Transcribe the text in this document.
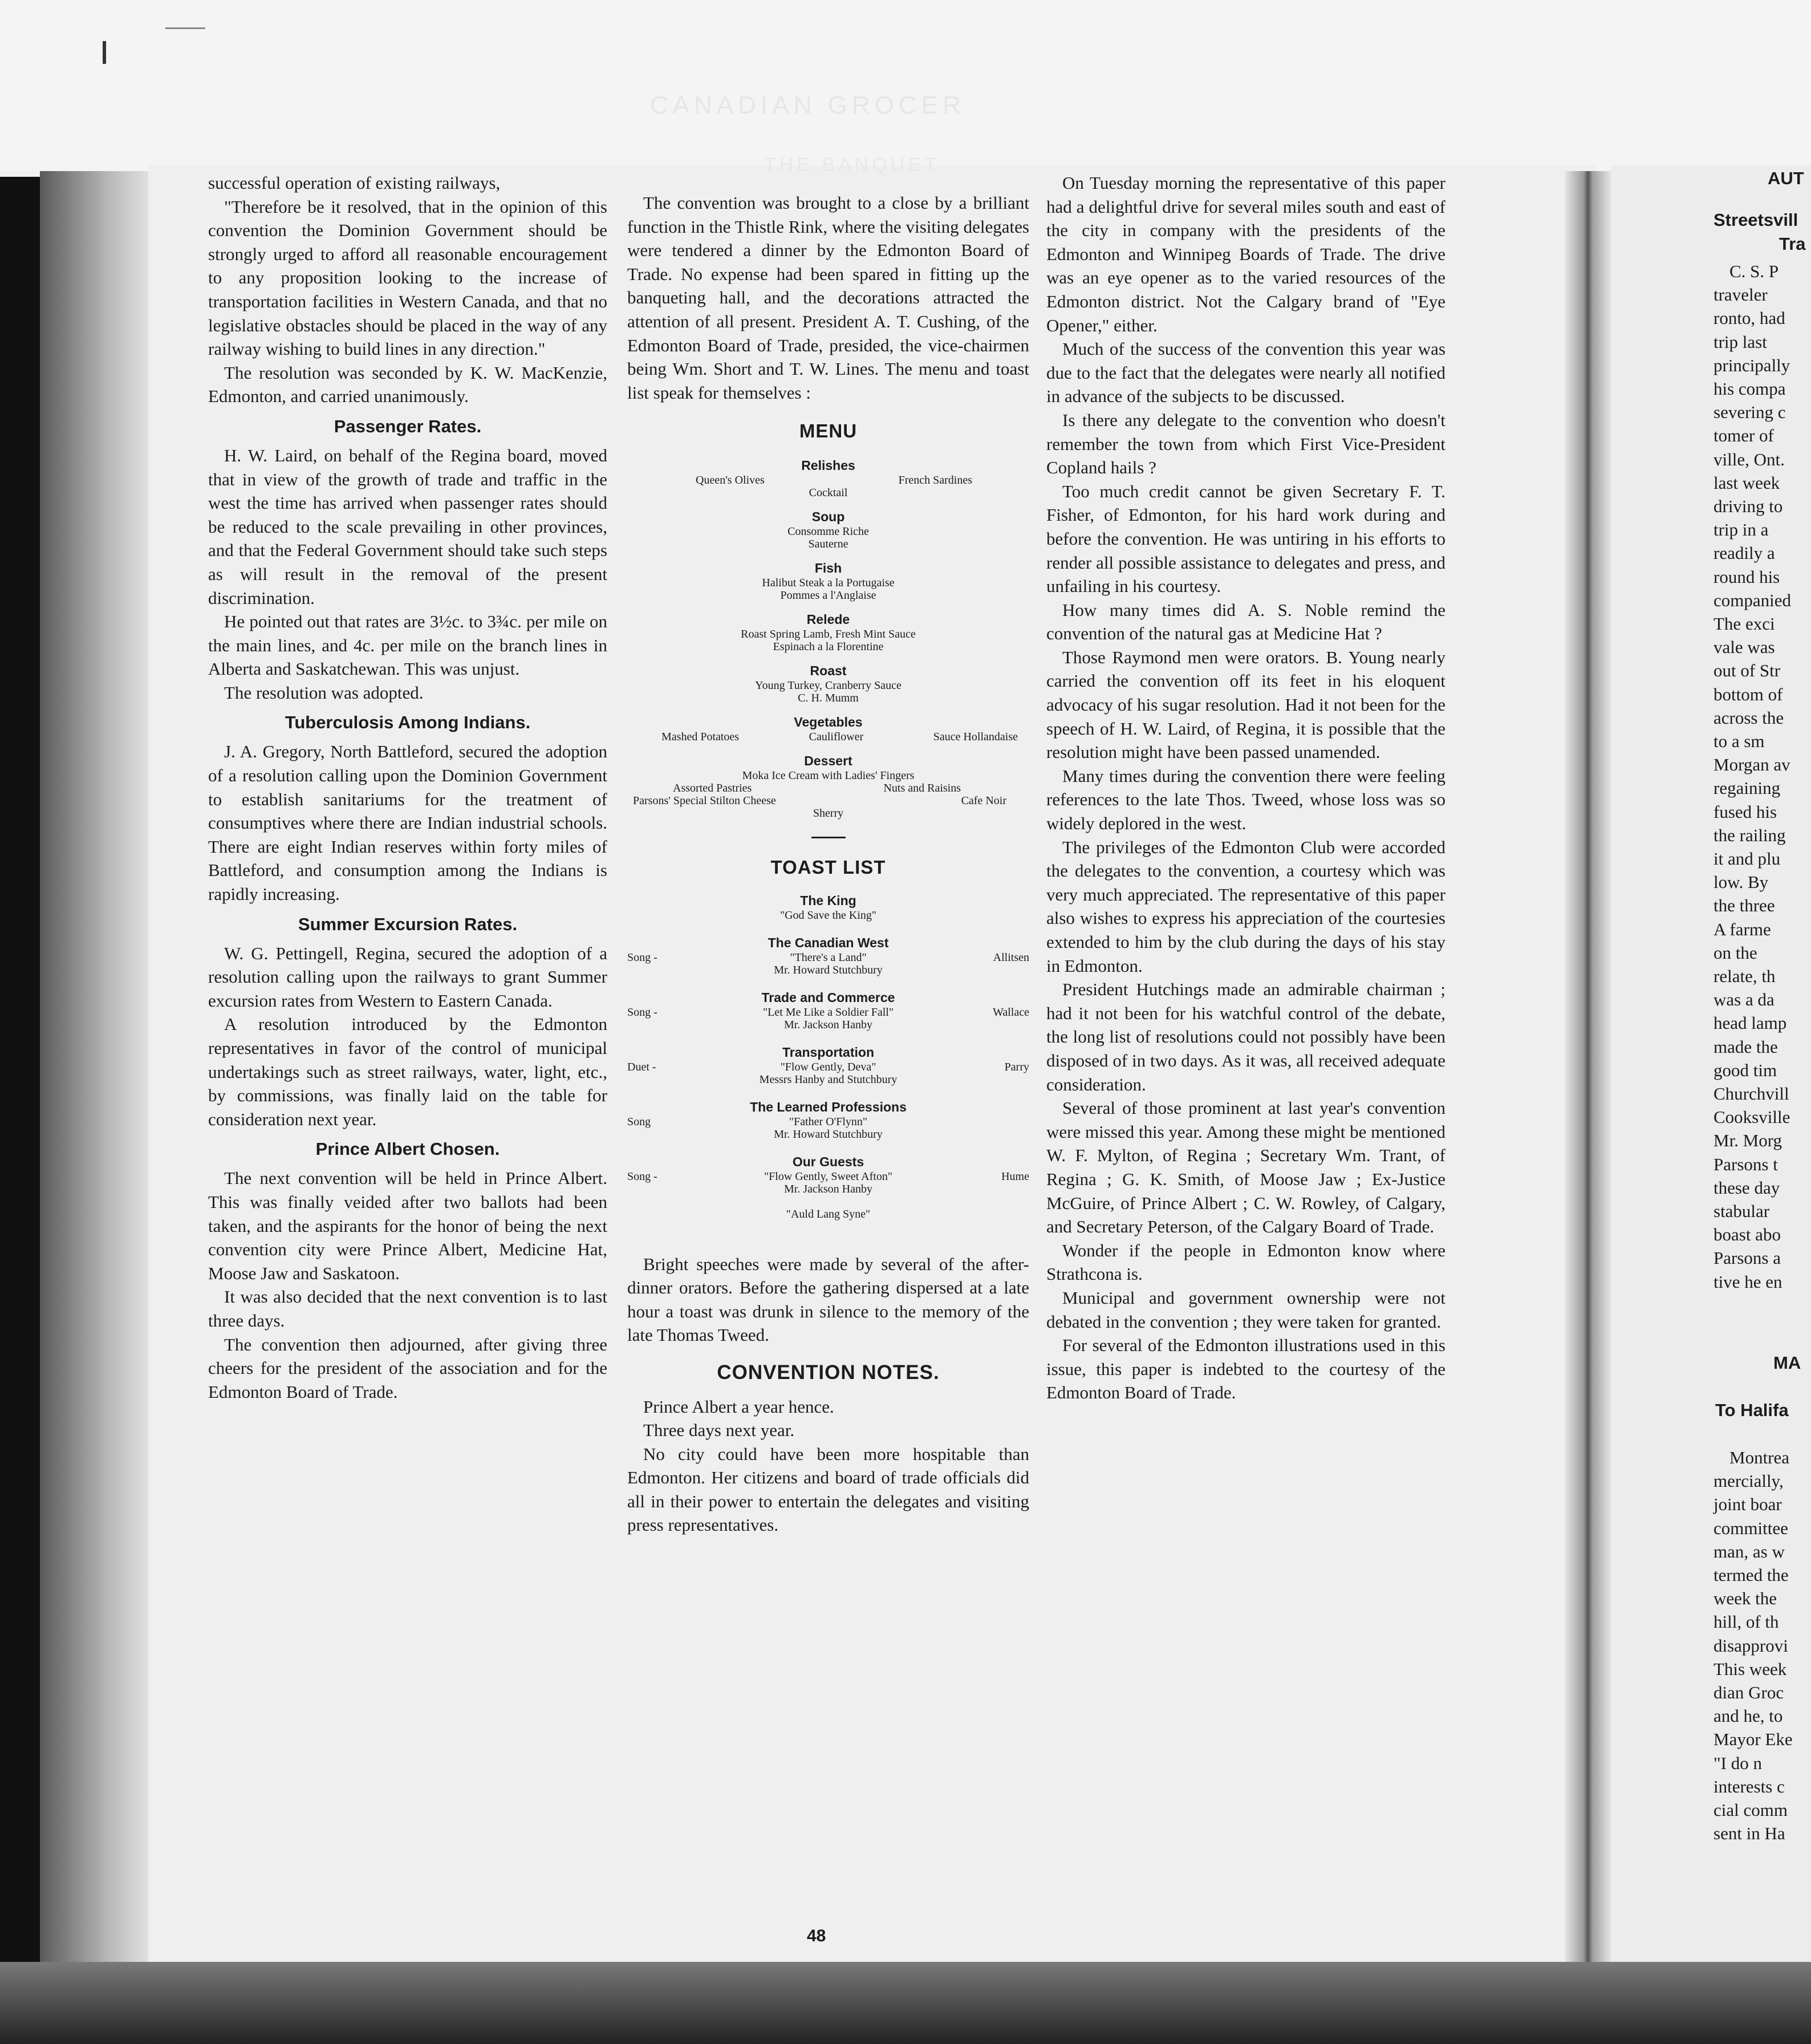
CANADIAN GROCER
THE BANQUET

successful operation of existing railways,

"Therefore be it resolved, that in the opinion of this convention the Dominion Government should be strongly urged to afford all reasonable encouragement to any proposition looking to the increase of transportation facilities in Western Canada, and that no legislative obstacles should be placed in the way of any railway wishing to build lines in any direction."

The resolution was seconded by K. W. MacKenzie, Edmonton, and carried unanimously.

Passenger Rates.

H. W. Laird, on behalf of the Regina board, moved that in view of the growth of trade and traffic in the west the time has arrived when passenger rates should be reduced to the scale prevailing in other provinces, and that the Federal Government should take such steps as will result in the removal of the present discrimination.

He pointed out that rates are 3½c. to 3¾c. per mile on the main lines, and 4c. per mile on the branch lines in Alberta and Saskatchewan. This was unjust.

The resolution was adopted.

Tuberculosis Among Indians.

J. A. Gregory, North Battleford, secured the adoption of a resolution calling upon the Dominion Government to establish sanitariums for the treatment of consumptives where there are Indian industrial schools. There are eight Indian reserves within forty miles of Battleford, and consumption among the Indians is rapidly increasing.

Summer Excursion Rates.

W. G. Pettingell, Regina, secured the adoption of a resolution calling upon the railways to grant Summer excursion rates from Western to Eastern Canada.

A resolution introduced by the Edmonton representatives in favor of the control of municipal undertakings such as street railways, water, light, etc., by commissions, was finally laid on the table for consideration next year.

Prince Albert Chosen.

The next convention will be held in Prince Albert. This was finally veided after two ballots had been taken, and the aspirants for the honor of being the next convention city were Prince Albert, Medicine Hat, Moose Jaw and Saskatoon.

It was also decided that the next convention is to last three days.

The convention then adjourned, after giving three cheers for the president of the association and for the Edmonton Board of Trade.

The convention was brought to a close by a brilliant function in the Thistle Rink, where the visiting delegates were tendered a dinner by the Edmonton Board of Trade. No expense had been spared in fitting up the banqueting hall, and the decorations attracted the attention of all present. President A. T. Cushing, of the Edmonton Board of Trade, presided, the vice-chairmen being Wm. Short and T. W. Lines. The menu and toast list speak for themselves :

MENU
Relishes
Queen's Olives	French Sardines
Cocktail
Soup
Consomme Riche
Sauterne
Fish
Halibut Steak a la Portugaise
Pommes a l'Anglaise
Relede
Roast Spring Lamb, Fresh Mint Sauce
Espinach a la Florentine
Roast
Young Turkey, Cranberry Sauce
C. H. Mumm
Vegetables
Mashed Potatoes	Cauliflower	Sauce Hollandaise
Dessert
Moka Ice Cream with Ladies' Fingers
Assorted Pastries	Nuts and Raisins
Parsons' Special Stilton Cheese	Cafe Noir
Sherry
TOAST LIST
The King
"God Save the King"
The Canadian West
Song -	"There's a Land"	Allitsen
Mr. Howard Stutchbury
Trade and Commerce
Song -	"Let Me Like a Soldier Fall"	Wallace
Mr. Jackson Hanby
Transportation
Duet -	"Flow Gently, Deva"	Parry
Messrs Hanby and Stutchbury
The Learned Professions
Song	"Father O'Flynn"
Mr. Howard Stutchbury
Our Guests
Song -	"Flow Gently, Sweet Afton"	Hume
Mr. Jackson Hanby
"Auld Lang Syne"

Bright speeches were made by several of the after-dinner orators. Before the gathering dispersed at a late hour a toast was drunk in silence to the memory of the late Thomas Tweed.

CONVENTION NOTES.

Prince Albert a year hence.

Three days next year.

No city could have been more hospitable than Edmonton. Her citizens and board of trade officials did all in their power to entertain the delegates and visiting press representatives.

On Tuesday morning the representative of this paper had a delightful drive for several miles south and east of the city in company with the presidents of the Edmonton and Winnipeg Boards of Trade. The drive was an eye opener as to the varied resources of the Edmonton district. Not the Calgary brand of "Eye Opener," either.

Much of the success of the convention this year was due to the fact that the delegates were nearly all notified in advance of the subjects to be discussed.

Is there any delegate to the convention who doesn't remember the town from which First Vice-President Copland hails ?

Too much credit cannot be given Secretary F. T. Fisher, of Edmonton, for his hard work during and before the convention. He was untiring in his efforts to render all possible assistance to delegates and press, and unfailing in his courtesy.

How many times did A. S. Noble remind the convention of the natural gas at Medicine Hat ?

Those Raymond men were orators. B. Young nearly carried the convention off its feet in his eloquent advocacy of his sugar resolution. Had it not been for the speech of H. W. Laird, of Regina, it is possible that the resolution might have been passed unamended.

Many times during the convention there were feeling references to the late Thos. Tweed, whose loss was so widely deplored in the west.

The privileges of the Edmonton Club were accorded the delegates to the convention, a courtesy which was very much appreciated. The representative of this paper also wishes to express his appreciation of the courtesies extended to him by the club during the days of his stay in Edmonton.

President Hutchings made an admirable chairman ; had it not been for his watchful control of the debate, the long list of resolutions could not possibly have been disposed of in two days. As it was, all received adequate consideration.

Several of those prominent at last year's convention were missed this year. Among these might be mentioned W. F. Mylton, of Regina ; Secretary Wm. Trant, of Regina ; G. K. Smith, of Moose Jaw ; Ex-Justice McGuire, of Prince Albert ; C. W. Rowley, of Calgary, and Secretary Peterson, of the Calgary Board of Trade.

Wonder if the people in Edmonton know where Strathcona is.

Municipal and government ownership were not debated in the convention ; they were taken for granted.

For several of the Edmonton illustrations used in this issue, this paper is indebted to the courtesy of the Edmonton Board of Trade.

48
AUT
Streetsvill
Tra
C. S. P
traveler
ronto, had
trip last
principally
his compa
severing c
tomer of
ville, Ont.
last week
driving to
trip in a
readily a
round his
companied
The exci
vale was
out of Str
bottom of
across the
to a sm
Morgan av
regaining
fused his
the railing
it and plu
low. By
the three
A farme
on the
relate, th
was a da
head lamp
made the
good tim
Churchvill
Cooksville
Mr. Morg
Parsons t
these day
stabular
boast abo
Parsons a
tive he en
MA
To Halifa
Montrea
mercially,
joint boar
committee
man, as w
termed the
week the
hill, of th
disapprovi
This week
dian Groc
and he, to
Mayor Eke
"I do n
interests c
cial comm
sent in Ha
